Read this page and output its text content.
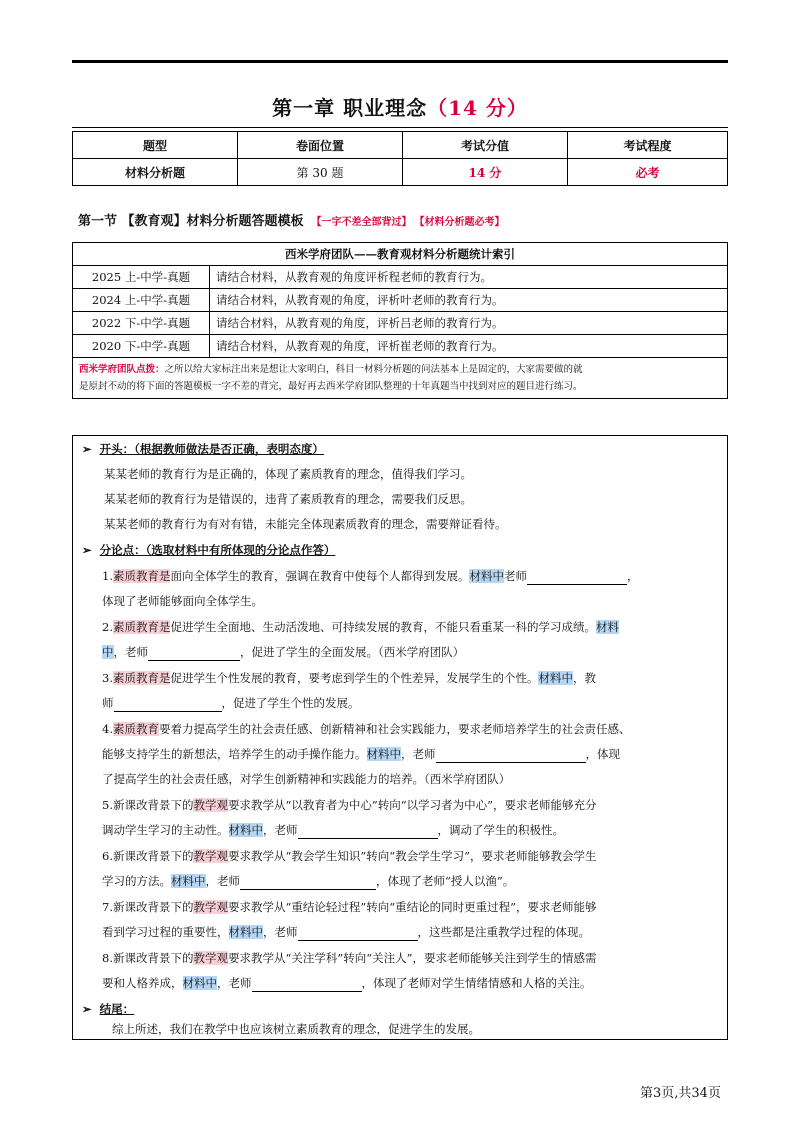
第一章 职业理念（14 分）
题型	卷面位置	考试分值	考试程度
材料分析题	第 30 题	14 分	必考
第一节 【教育观】材料分析题答题模板 【一字不差全部背过】 【材料分析题必考】
西米学府团队——教育观材料分析题统计索引	
2025 上-中学-真题	请结合材料，从教育观的角度评析程老师的教育行为。
2024 上-中学-真题	请结合材料，从教育观的角度，评析叶老师的教育行为。
2022 下-中学-真题	请结合材料，从教育观的角度，评析吕老师的教育行为。
2020 下-中学-真题	请结合材料，从教育观的角度，评析崔老师的教育行为。
西米学府团队点拨：之所以给大家标注出来是想让大家明白，科目一材料分析题的问法基本上是固定的，大家需要做的就
是原封不动的将下面的答题模板一字不差的背完，最好再去西米学府团队整理的十年真题当中找到对应的题目进行练习。	
➢ 开头：（根据教师做法是否正确，表明态度）
某某老师的教育行为是正确的，体现了素质教育的理念，值得我们学习。
某某老师的教育行为是错误的，违背了素质教育的理念，需要我们反思。
某某老师的教育行为有对有错，未能完全体现素质教育的理念，需要辩证看待。
➢ 分论点：（选取材料中有所体现的分论点作答）
1.素质教育是面向全体学生的教育，强调在教育中使每个人都得到发展。材料中老师	，
体现了老师能够面向全体学生。
2.素质教育是促进学生全面地、生动活泼地、可持续发展的教育，不能只看重某一科的学习成绩。材料
中，老师	，促进了学生的全面发展。（西米学府团队）
3.素质教育是促进学生个性发展的教育，要考虑到学生的个性差异，发展学生的个性。材料中，教
师	，促进了学生个性的发展。
4.素质教育要着力提高学生的社会责任感、创新精神和社会实践能力，要求老师培养学生的社会责任感、
能够支持学生的新想法，培养学生的动手操作能力。材料中，老师	，体现
了提高学生的社会责任感，对学生创新精神和实践能力的培养。（西米学府团队）
5.新课改背景下的教学观要求教学从“以教育者为中心”转向“以学习者为中心”，要求老师能够充分
调动学生学习的主动性。材料中，老师	，调动了学生的积极性。
6.新课改背景下的教学观要求教学从“教会学生知识”转向“教会学生学习”，要求老师能够教会学生
学习的方法。材料中，老师	，体现了老师“授人以渔”。
7.新课改背景下的教学观要求教学从“重结论轻过程”转向“重结论的同时更重过程”，要求老师能够
看到学习过程的重要性，材料中，老师	，这些都是注重教学过程的体现。
8.新课改背景下的教学观要求教学从“关注学科”转向“关注人”，要求老师能够关注到学生的情感需
要和人格养成，材料中，老师	，体现了老师对学生情绪情感和人格的关注。
➢ 结尾：
综上所述，我们在教学中也应该树立素质教育的理念，促进学生的发展。
第3页,共34页
